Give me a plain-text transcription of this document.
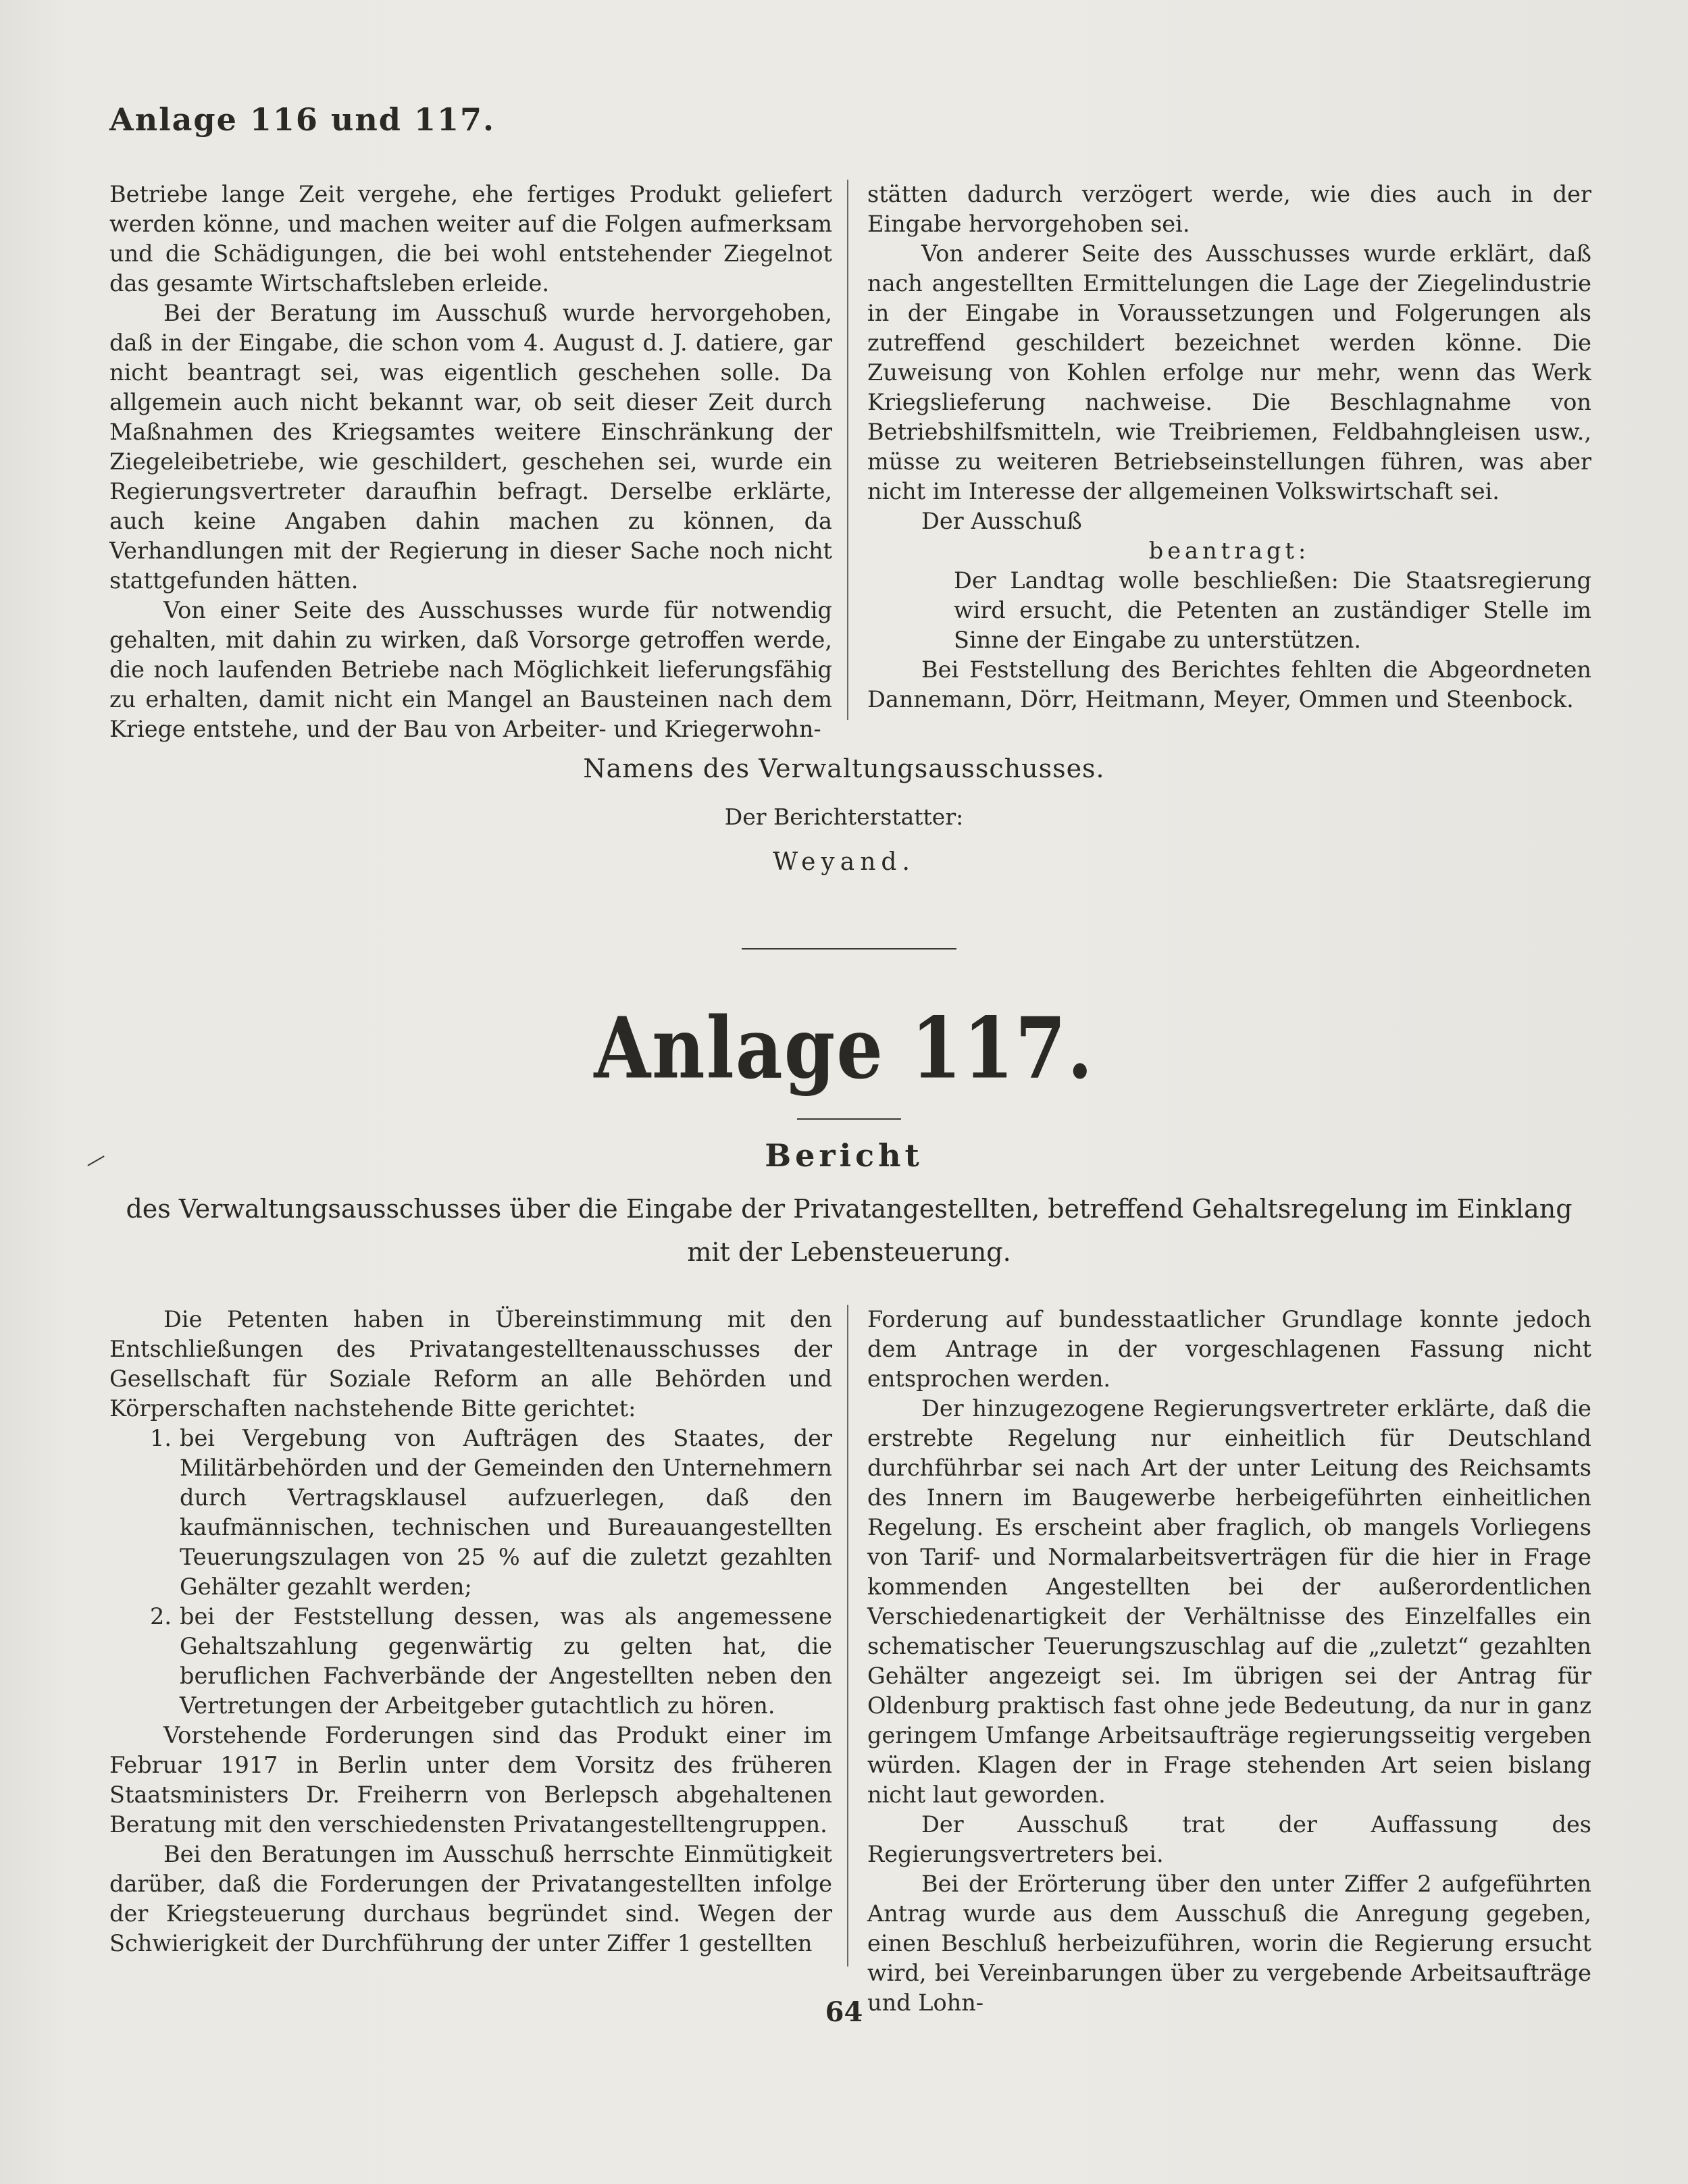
Anlage 116 und 117.

Betriebe lange Zeit vergehe, ehe fertiges Produkt geliefert werden könne, und machen weiter auf die Folgen aufmerksam und die Schädigungen, die bei wohl entstehender Ziegelnot das gesamte Wirtschaftsleben erleide.

Bei der Beratung im Ausschuß wurde hervorgehoben, daß in der Eingabe, die schon vom 4. August d. J. datiere, gar nicht beantragt sei, was eigentlich geschehen solle. Da allgemein auch nicht bekannt war, ob seit dieser Zeit durch Maßnahmen des Kriegsamtes weitere Einschränkung der Ziegeleibetriebe, wie geschildert, geschehen sei, wurde ein Regierungsvertreter daraufhin befragt. Derselbe erklärte, auch keine Angaben dahin machen zu können, da Verhandlungen mit der Regierung in dieser Sache noch nicht stattgefunden hätten.

Von einer Seite des Ausschusses wurde für notwendig gehalten, mit dahin zu wirken, daß Vorsorge getroffen werde, die noch laufenden Betriebe nach Möglichkeit lieferungsfähig zu erhalten, damit nicht ein Mangel an Bausteinen nach dem Kriege entstehe, und der Bau von Arbeiter- und Kriegerwohn-

stätten dadurch verzögert werde, wie dies auch in der Eingabe hervorgehoben sei.

Von anderer Seite des Ausschusses wurde erklärt, daß nach angestellten Ermittelungen die Lage der Ziegelindustrie in der Eingabe in Voraussetzungen und Folgerungen als zutreffend geschildert bezeichnet werden könne. Die Zuweisung von Kohlen erfolge nur mehr, wenn das Werk Kriegslieferung nachweise. Die Beschlagnahme von Betriebshilfsmitteln, wie Treibriemen, Feldbahngleisen usw., müsse zu weiteren Betriebseinstellungen führen, was aber nicht im Interesse der allgemeinen Volkswirtschaft sei.

Der Ausschuß

beantragt:

Der Landtag wolle beschließen: Die Staatsregierung wird ersucht, die Petenten an zuständiger Stelle im Sinne der Eingabe zu unterstützen.

Bei Feststellung des Berichtes fehlten die Abgeordneten Dannemann, Dörr, Heitmann, Meyer, Ommen und Steenbock.

Namens des Verwaltungsausschusses.
Der Berichterstatter:
Weyand.
Anlage 117.
Bericht
des Verwaltungsausschusses über die Eingabe der Privatangestellten, betreffend Gehaltsregelung im Einklang mit der Lebensteuerung.

Die Petenten haben in Übereinstimmung mit den Entschließungen des Privatangestelltenausschusses der Gesellschaft für Soziale Reform an alle Behörden und Körperschaften nachstehende Bitte gerichtet:

1. bei Vergebung von Aufträgen des Staates, der Militärbehörden und der Gemeinden den Unternehmern durch Vertragsklausel aufzuerlegen, daß den kaufmännischen, technischen und Bureauangestellten Teuerungszulagen von 25 % auf die zuletzt gezahlten Gehälter gezahlt werden;
2. bei der Feststellung dessen, was als angemessene Gehaltszahlung gegenwärtig zu gelten hat, die beruflichen Fachverbände der Angestellten neben den Vertretungen der Arbeitgeber gutachtlich zu hören.

Vorstehende Forderungen sind das Produkt einer im Februar 1917 in Berlin unter dem Vorsitz des früheren Staatsministers Dr. Freiherrn von Berlepsch abgehaltenen Beratung mit den verschiedensten Privatangestelltengruppen.

Bei den Beratungen im Ausschuß herrschte Einmütigkeit darüber, daß die Forderungen der Privatangestellten infolge der Kriegsteuerung durchaus begründet sind. Wegen der Schwierigkeit der Durchführung der unter Ziffer 1 gestellten

Forderung auf bundesstaatlicher Grundlage konnte jedoch dem Antrage in der vorgeschlagenen Fassung nicht entsprochen werden.

Der hinzugezogene Regierungsvertreter erklärte, daß die erstrebte Regelung nur einheitlich für Deutschland durchführbar sei nach Art der unter Leitung des Reichsamts des Innern im Baugewerbe herbeigeführten einheitlichen Regelung. Es erscheint aber fraglich, ob mangels Vorliegens von Tarif- und Normalarbeitsverträgen für die hier in Frage kommenden Angestellten bei der außerordentlichen Verschiedenartigkeit der Verhältnisse des Einzelfalles ein schematischer Teuerungszuschlag auf die „zuletzt“ gezahlten Gehälter angezeigt sei. Im übrigen sei der Antrag für Oldenburg praktisch fast ohne jede Bedeutung, da nur in ganz geringem Umfange Arbeitsaufträge regierungsseitig vergeben würden. Klagen der in Frage stehenden Art seien bislang nicht laut geworden.

Der Ausschuß trat der Auffassung des Regierungsvertreters bei.

Bei der Erörterung über den unter Ziffer 2 aufgeführten Antrag wurde aus dem Ausschuß die Anregung gegeben, einen Beschluß herbeizuführen, worin die Regierung ersucht wird, bei Vereinbarungen über zu vergebende Arbeitsaufträge und Lohn-

64
